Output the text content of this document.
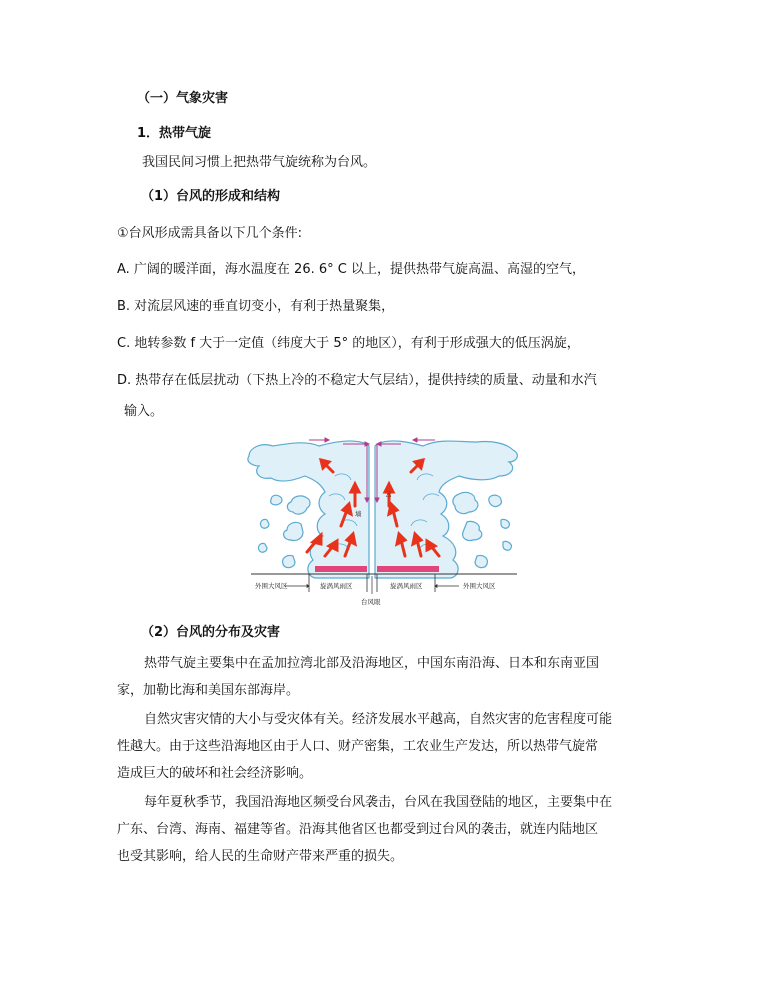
（一）气象灾害
1．热带气旋
我国民间习惯上把热带气旋统称为台风。
（1）台风的形成和结构
①台风形成需具备以下几个条件:
A. 广阔的暖洋面，海水温度在 26. 6° C 以上，提供热带气旋高温、高湿的空气，
B. 对流层风速的垂直切变小，有利于热量聚集，
C. 地转参数 f 大于一定值（纬度大于 5° 的地区），有利于形成强大的低压涡旋，
D. 热带存在低层扰动（下热上冷的不稳定大气层结），提供持续的质量、动量和水汽
输入。
外围大风区	旋涡风雨区	旋涡风雨区	外围大风区
台风眼
墙
云
（2）台风的分布及灾害
热带气旋主要集中在孟加拉湾北部及沿海地区，中国东南沿海、日本和东南亚国
家，加勒比海和美国东部海岸。
自然灾害灾情的大小与受灾体有关。经济发展水平越高，自然灾害的危害程度可能
性越大。由于这些沿海地区由于人口、财产密集，工农业生产发达，所以热带气旋常
造成巨大的破坏和社会经济影响。
每年夏秋季节，我国沿海地区频受台风袭击，台风在我国登陆的地区，主要集中在
广东、台湾、海南、福建等省。沿海其他省区也都受到过台风的袭击，就连内陆地区
也受其影响，给人民的生命财产带来严重的损失。
